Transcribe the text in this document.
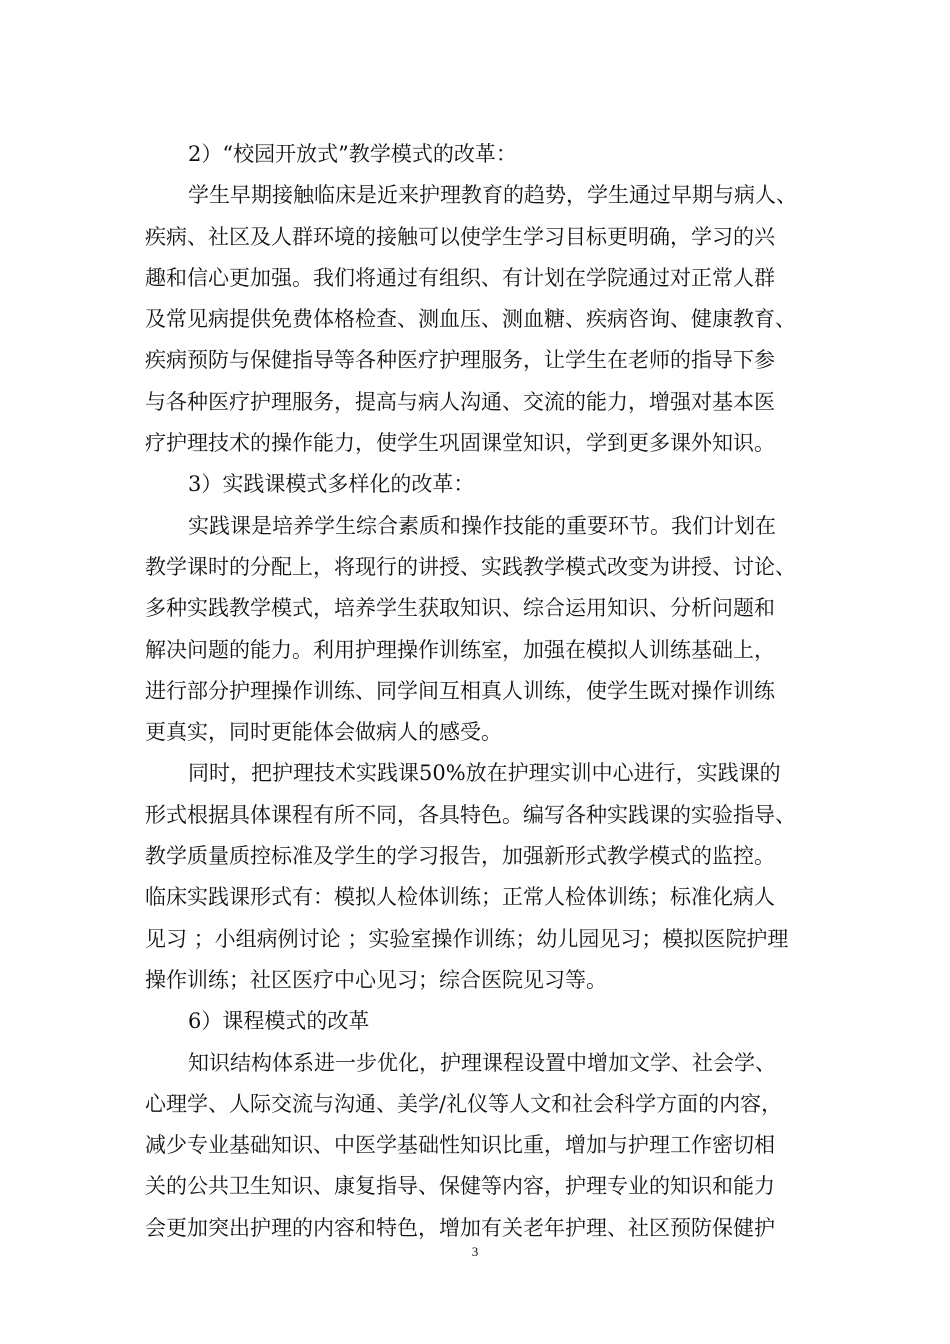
2）“校园开放式”教学模式的改革：
学生早期接触临床是近来护理教育的趋势，学生通过早期与病人、
疾病、社区及人群环境的接触可以使学生学习目标更明确，学习的兴
趣和信心更加强。我们将通过有组织、有计划在学院通过对正常人群
及常见病提供免费体格检查、测血压、测血糖、疾病咨询、健康教育、
疾病预防与保健指导等各种医疗护理服务，让学生在老师的指导下参
与各种医疗护理服务，提高与病人沟通、交流的能力，增强对基本医
疗护理技术的操作能力，使学生巩固课堂知识，学到更多课外知识。
3）实践课模式多样化的改革：
实践课是培养学生综合素质和操作技能的重要环节。我们计划在
教学课时的分配上，将现行的讲授、实践教学模式改变为讲授、讨论、
多种实践教学模式，培养学生获取知识、综合运用知识、分析问题和
解决问题的能力。利用护理操作训练室，加强在模拟人训练基础上，
进行部分护理操作训练、同学间互相真人训练，使学生既对操作训练
更真实，同时更能体会做病人的感受。
同时，把护理技术实践课50%放在护理实训中心进行，实践课的
形式根据具体课程有所不同，各具特色。编写各种实践课的实验指导、
教学质量质控标准及学生的学习报告，加强新形式教学模式的监控。
临床实践课形式有：模拟人检体训练；正常人检体训练；标准化病人
见习 ；小组病例讨论 ；实验室操作训练；幼儿园见习；模拟医院护理
操作训练；社区医疗中心见习；综合医院见习等。
6）课程模式的改革
知识结构体系进一步优化，护理课程设置中增加文学、社会学、
心理学、人际交流与沟通、美学/礼仪等人文和社会科学方面的内容，
减少专业基础知识、中医学基础性知识比重，增加与护理工作密切相
关的公共卫生知识、康复指导、保健等内容，护理专业的知识和能力
会更加突出护理的内容和特色，增加有关老年护理、社区预防保健护
3
